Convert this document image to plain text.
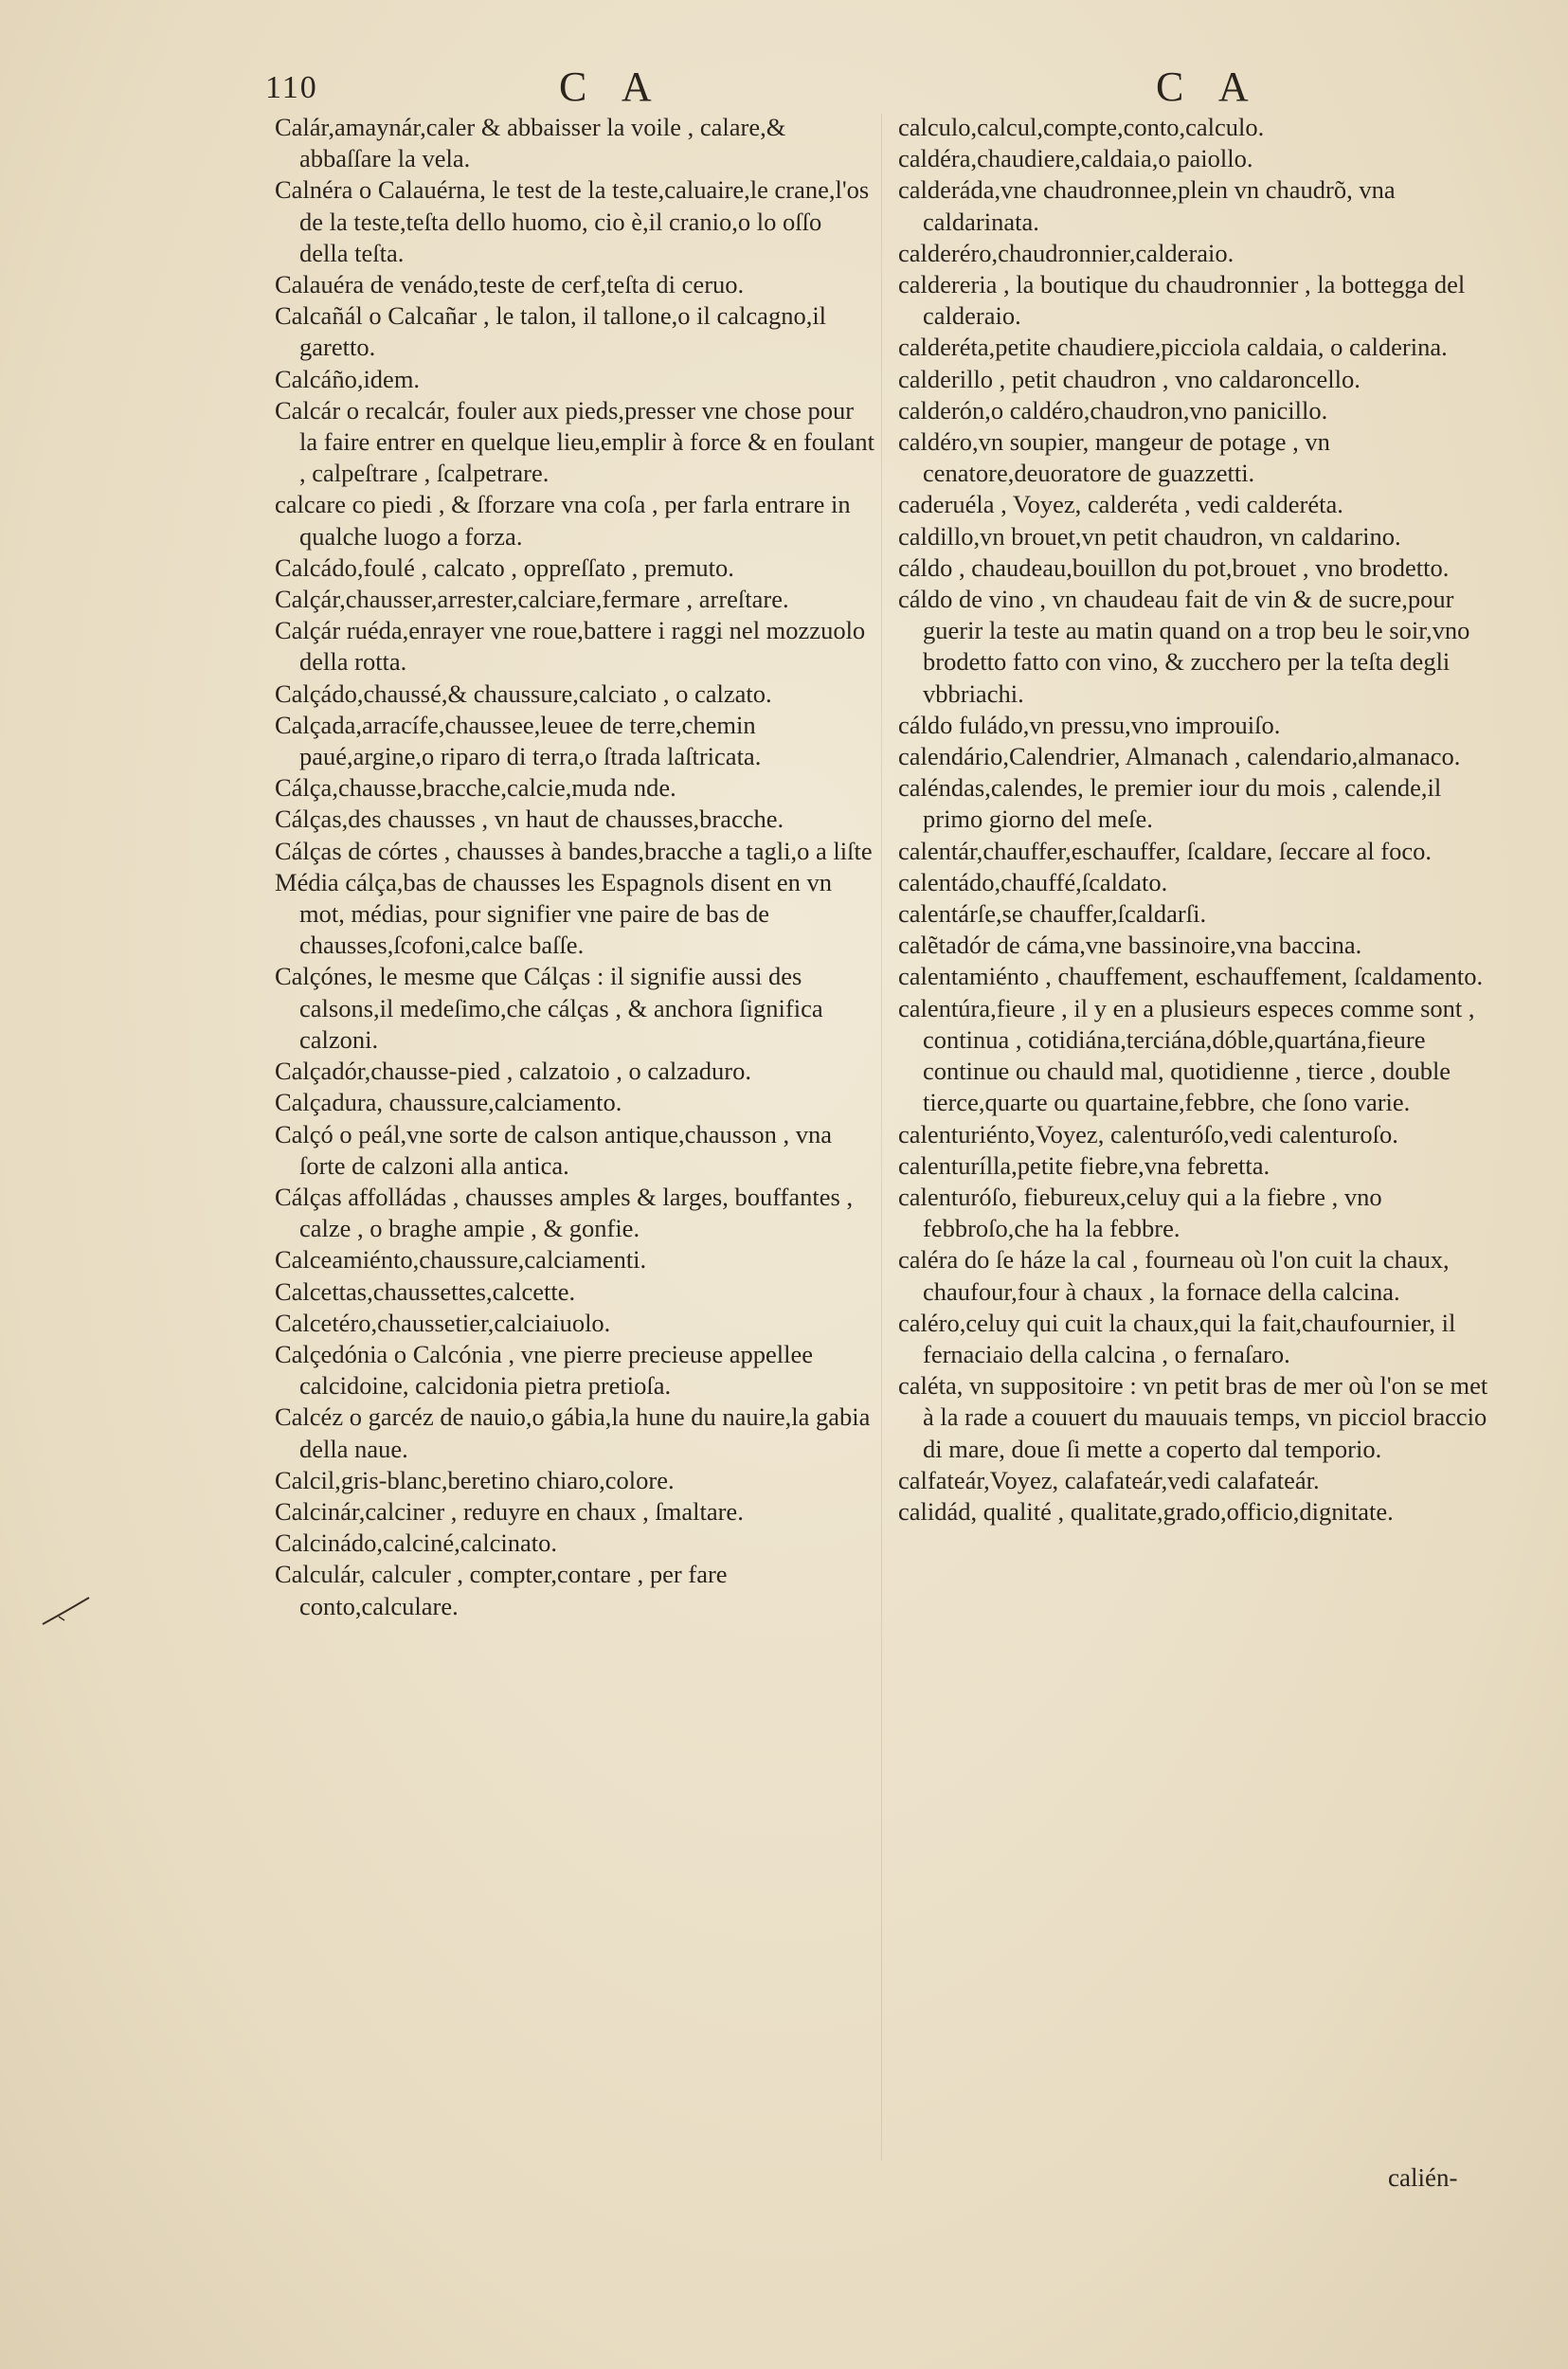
110	C A	C A

Calár,amaynár,caler & abbaisser la voile , calare,& abbaſſare la vela.

Calnéra o Calauérna, le test de la teste,caluaire,le crane,l'os de la teste,teſta dello huomo, cio è,il cranio,o lo oſſo della teſta.

Calauéra de venádo,teste de cerf,teſta di ceruo.

Calcañál o Calcañar , le talon, il tallone,o il calcagno,il garetto.

Calcáño,idem.

Calcár o recalcár, fouler aux pieds,presser vne chose pour la faire entrer en quelque lieu,emplir à force & en foulant , calpeſtrare , ſcalpetrare.

calcare co piedi , & ſforzare vna coſa , per farla entrare in qualche luogo a forza.

Calcádo,foulé , calcato , oppreſſato , premuto.

Calçár,chausser,arrester,calciare,fermare , arreſtare.

Calçár ruéda,enrayer vne roue,battere i raggi nel mozzuolo della rotta.

Calçádo,chaussé,& chaussure,calciato , o calzato.

Calçada,arracífe,chaussee,leuee de terre,chemin paué,argine,o riparo di terra,o ſtrada laſtricata.

Cálça,chausse,bracche,calcie,muda nde.

Cálças,des chausses , vn haut de chausses,bracche.

Cálças de córtes , chausses à bandes,bracche a tagli,o a liſte

Média cálça,bas de chausses les Espagnols disent en vn mot, médias, pour signifier vne paire de bas de chausses,ſcofoni,calce baſſe.

Calçónes, le mesme que Cálças : il signifie aussi des calsons,il medeſimo,che cálças , & anchora ſignifica calzoni.

Calçadór,chausse-pied , calzatoio , o calzaduro.

Calçadura, chaussure,calciamento.

Calçó o peál,vne sorte de calson antique,chausson , vna ſorte de calzoni alla antica.

Cálças affolládas , chausses amples & larges, bouffantes , calze , o braghe ampie , & gonfie.

Calceamiénto,chaussure,calciamenti.

Calcettas,chaussettes,calcette.

Calcetéro,chaussetier,calciaiuolo.

Calçedónia o Calcónia , vne pierre precieuse appellee calcidoine, calcidonia pietra pretioſa.

Calcéz o garcéz de nauio,o gábia,la hune du nauire,la gabia della naue.

Calcil,gris-blanc,beretino chiaro,colore.

Calcinár,calciner , reduyre en chaux , ſmaltare.

Calcinádo,calciné,calcinato.

Calculár, calculer , compter,contare , per fare conto,calculare.

calculo,calcul,compte,conto,calculo.

caldéra,chaudiere,caldaia,o paiollo.

calderáda,vne chaudronnee,plein vn chaudrõ, vna caldarinata.

calderéro,chaudronnier,calderaio.

caldereria , la boutique du chaudronnier , la bottegga del calderaio.

calderéta,petite chaudiere,picciola caldaia, o calderina.

calderillo , petit chaudron , vno caldaroncello.

calderón,o caldéro,chaudron,vno panicillo.

caldéro,vn soupier, mangeur de potage , vn cenatore,deuoratore de guazzetti.

caderuéla , Voyez, calderéta , vedi calderéta.

caldillo,vn brouet,vn petit chaudron, vn caldarino.

cáldo , chaudeau,bouillon du pot,brouet , vno brodetto.

cáldo de vino , vn chaudeau fait de vin & de sucre,pour guerir la teste au matin quand on a trop beu le soir,vno brodetto fatto con vino, & zucchero per la teſta degli vbbriachi.

cáldo fuládo,vn pressu,vno improuiſo.

calendário,Calendrier, Almanach , calendario,almanaco.

caléndas,calendes, le premier iour du mois , calende,il primo giorno del meſe.

calentár,chauffer,eschauffer, ſcaldare, ſeccare al foco.

calentádo,chauffé,ſcaldato.

calentárſe,se chauffer,ſcaldarſi.

calẽtadór de cáma,vne bassinoire,vna baccina.

calentamiénto , chauffement, eschauffement, ſcaldamento.

calentúra,fieure , il y en a plusieurs especes comme sont , continua , cotidiána,terciána,dóble,quartána,fieure continue ou chauld mal, quotidienne , tierce , double tierce,quarte ou quartaine,febbre, che ſono varie.

calenturiénto,Voyez, calenturóſo,vedi calenturoſo.

calenturílla,petite fiebre,vna febretta.

calenturóſo, fiebureux,celuy qui a la fiebre , vno febbroſo,che ha la febbre.

caléra do ſe háze la cal , fourneau où l'on cuit la chaux, chaufour,four à chaux , la fornace della calcina.

caléro,celuy qui cuit la chaux,qui la fait,chaufournier, il fernaciaio della calcina , o fernaſaro.

caléta, vn suppositoire : vn petit bras de mer où l'on se met à la rade a couuert du mauuais temps, vn picciol braccio di mare, doue ſi mette a coperto dal temporio.

calfateár,Voyez, calafateár,vedi calafateár.

calidád, qualité , qualitate,grado,officio,dignitate.

calién-
